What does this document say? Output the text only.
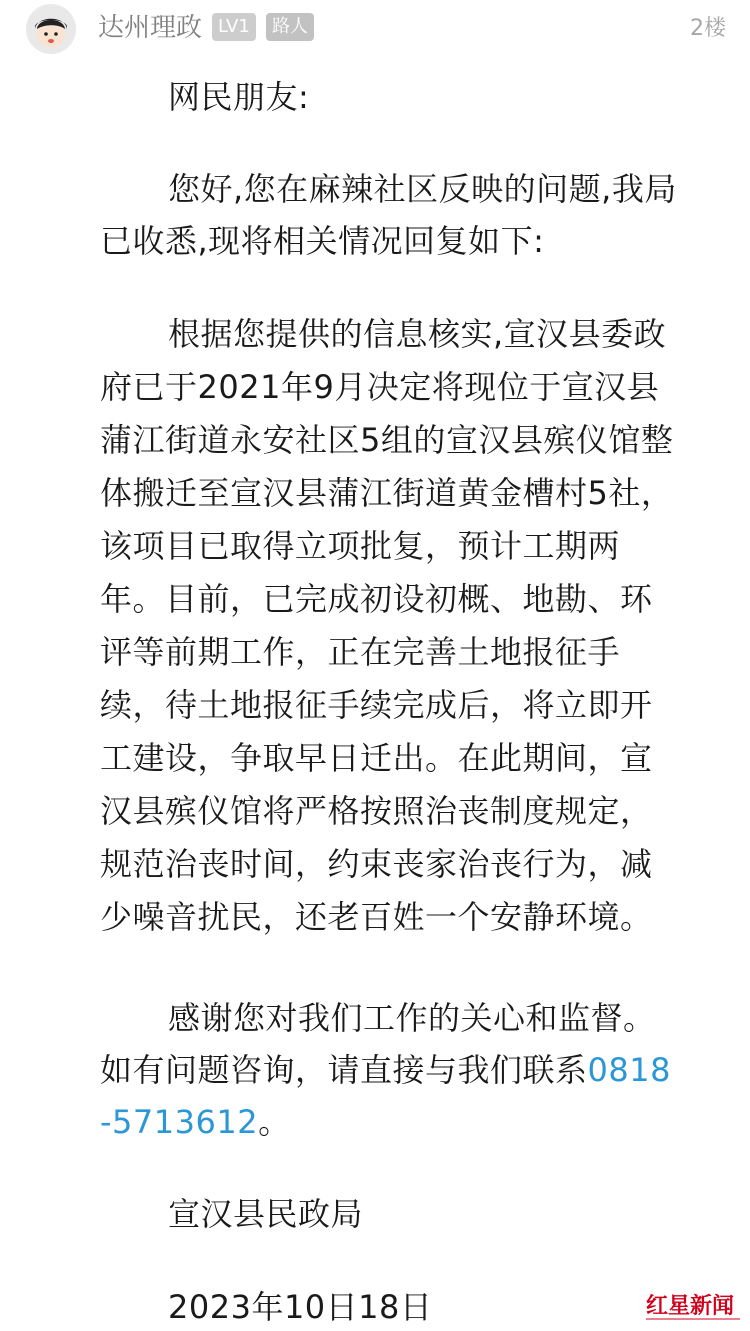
达州理政 LV1	路人	2楼
网民朋友:
您好,您在麻辣社区反映的问题,我局
已收悉,现将相关情况回复如下:
根据您提供的信息核实,宣汉县委政
府已于2021年9月决定将现位于宣汉县
蒲江街道永安社区5组的宣汉县殡仪馆整
体搬迁至宣汉县蒲江街道黄金槽村5社，
该项目已取得立项批复，预计工期两
年。目前，已完成初设初概、地勘、环
评等前期工作，正在完善土地报征手
续，待土地报征手续完成后，将立即开
工建设，争取早日迁出。在此期间，宣
汉县殡仪馆将严格按照治丧制度规定，
规范治丧时间，约束丧家治丧行为，减
少噪音扰民，还老百姓一个安静环境。
感谢您对我们工作的关心和监督。
如有问题咨询，请直接与我们联系0818
-5713612。
宣汉县民政局
2023年10日18日	红星新闻
